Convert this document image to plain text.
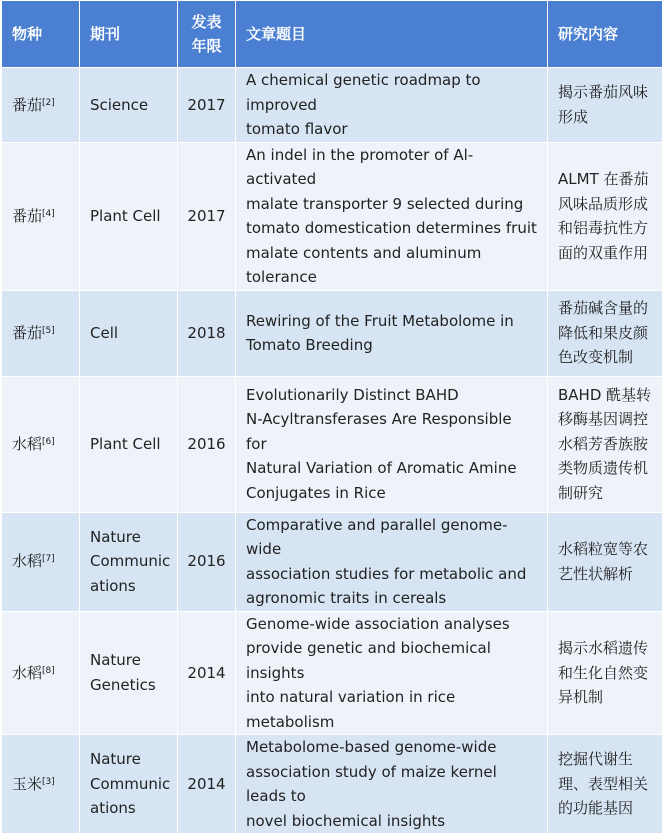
物种	期刊	发表
年限	文章题目	研究内容
番茄[2]	Science	2017	A chemical genetic roadmap to improved
tomato flavor	揭示番茄风味
形成

番茄[4]	Plant Cell	2017	An indel in the promoter of Al-activated
malate transporter 9 selected during
tomato domestication determines fruit
malate contents and aluminum tolerance	ALMT 在番茄
风味品质形成
和铝毒抗性方
面的双重作用

番茄[5]	Cell	2018	Rewiring of the Fruit Metabolome in
Tomato Breeding	番茄碱含量的
降低和果皮颜
色改变机制

水稻[6]	Plant Cell	2016	Evolutionarily Distinct BAHD
N-Acyltransferases Are Responsible for
Natural Variation of Aromatic Amine
Conjugates in Rice	BAHD 酰基转
移酶基因调控
水稻芳香族胺
类物质遗传机
制研究

水稻[7]	Nature
Communic
ations	2016	Comparative and parallel genome-wide
association studies for metabolic and
agronomic traits in cereals	水稻粒宽等农
艺性状解析

水稻[8]	Nature
Genetics	2014	Genome-wide association analyses
provide genetic and biochemical insights
into natural variation in rice metabolism	揭示水稻遗传
和生化自然变
异机制

玉米[3]	Nature
Communic
ations	2014	Metabolome-based genome-wide
association study of maize kernel leads to
novel biochemical insights	挖掘代谢生
理、表型相关
的功能基因
